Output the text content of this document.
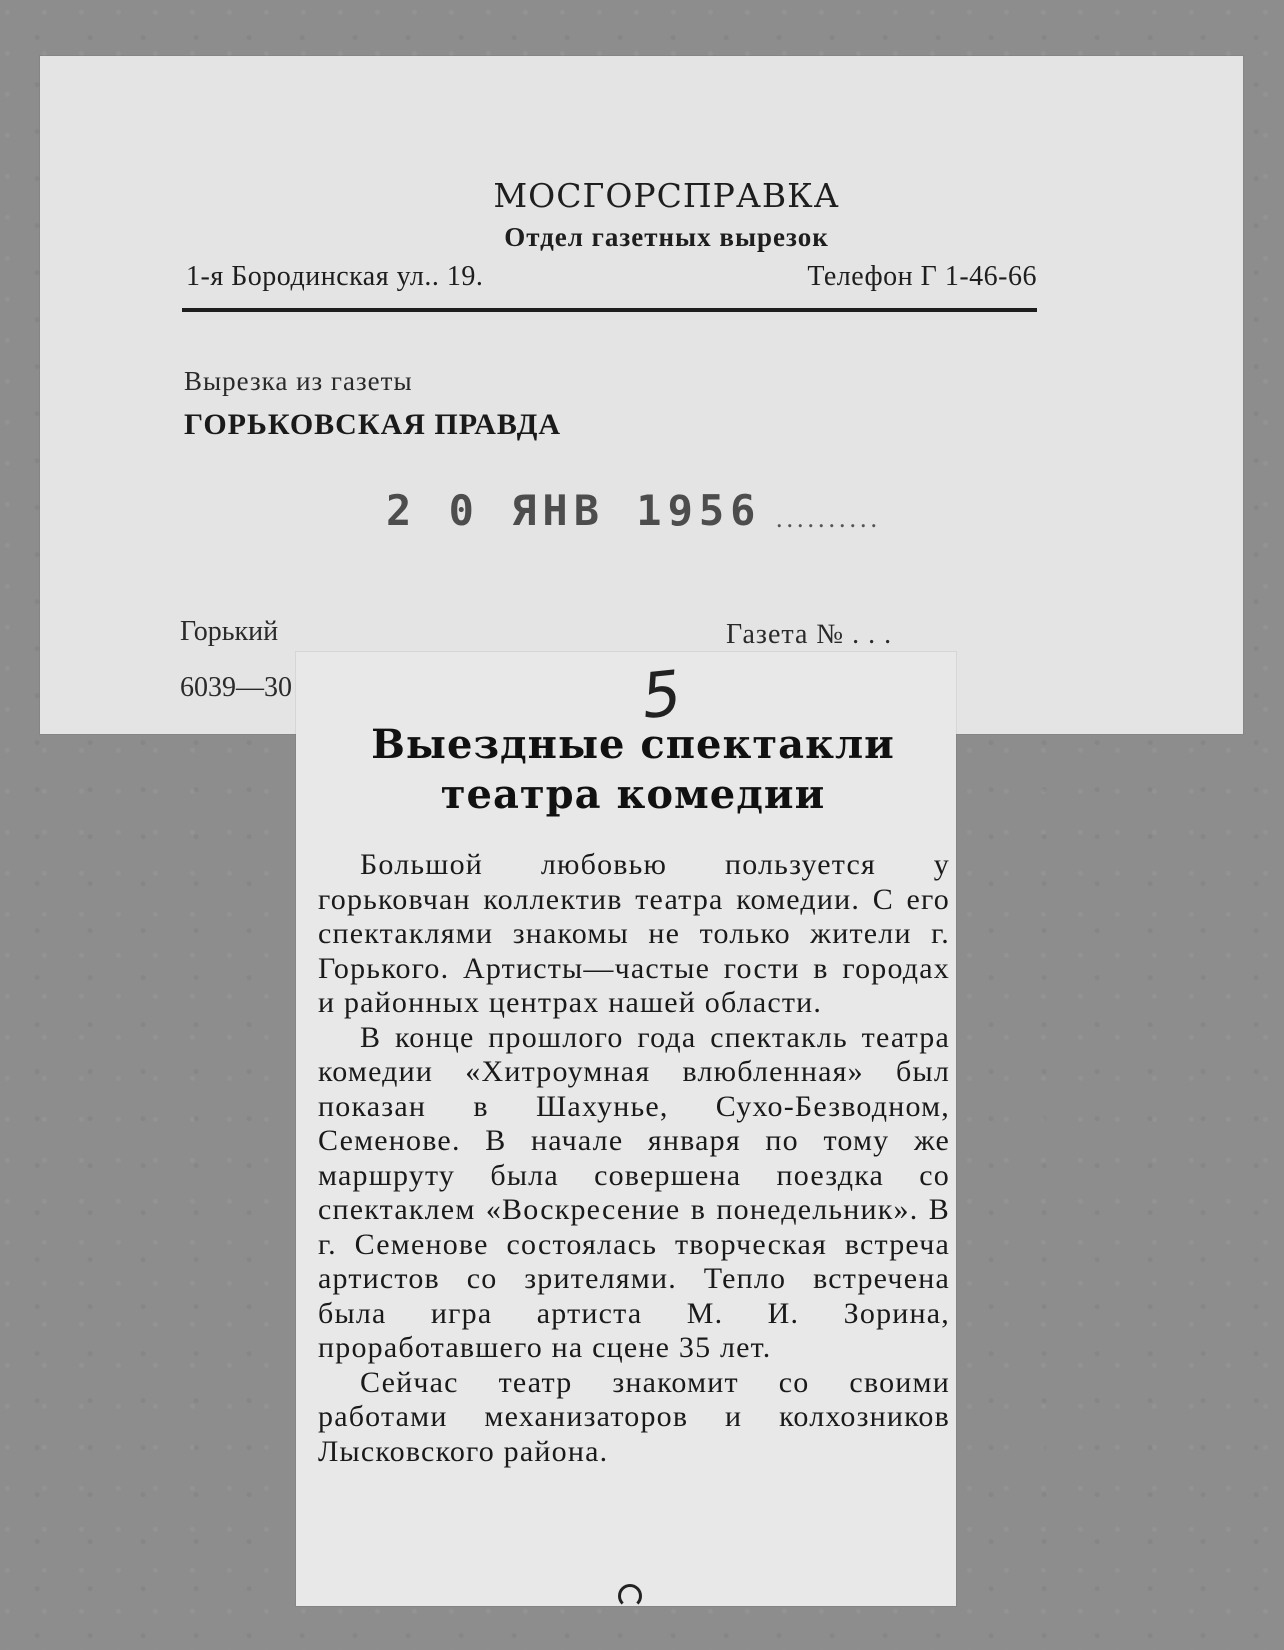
МОСГОРСПРАВКА
Отдел газетных вырезок
1-я Бородинская ул.. 19.	Телефон Г 1-46-66
Вырезка из газеты
ГОРЬКОВСКАЯ ПРАВДА
2 0 ЯНВ 1956 ..........
Горький	Газета № . . .
6039—30	5
Выездные спектакли
театра комедии

Большой любовью пользуется у горьковчан коллектив театра комедии. С его спектаклями знакомы не только жители г. Горького. Артисты—частые гости в городах и районных центрах нашей области.

В конце прошлого года спектакль театра комедии «Хитроумная влюбленная» был показан в Шахунье, Сухо-Безводном, Семенове. В начале января по тому же маршруту была совершена поездка со спектаклем «Воскресение в понедельник». В г. Семенове состоялась творческая встреча артистов со зрителями. Тепло встречена была игра артиста М. И. Зорина, проработавшего на сцене 35 лет.

Сейчас театр знакомит со своими работами механизаторов и колхозников Лысковского района.
